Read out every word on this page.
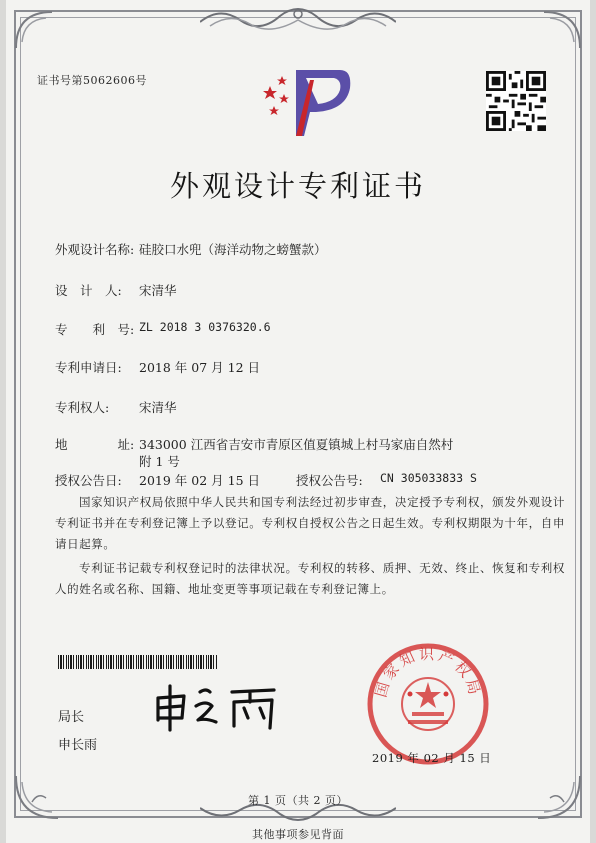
证书号第5062606号
外观设计专利证书
外观设计名称: 硅胶口水兜（海洋动物之螃蟹款）
设　计　人: 宋清华
专　　利　号: ZL 2018 3 0376320.6
专利申请日: 2018 年 07 月 12 日
专利权人: 宋清华
地　　　　址: 343000 江西省吉安市青原区值夏镇城上村马家庙自然村
附 1 号
授权公告日: 2019 年 02 月 15 日	授权公告号: CN 305033833 S
国家知识产权局依照中华人民共和国专利法经过初步审查，决定授予专利权，颁发外观设计专利证书并在专利登记簿上予以登记。专利权自授权公告之日起生效。专利权期限为十年，自申请日起算。
专利证书记载专利权登记时的法律状况。专利权的转移、质押、无效、终止、恢复和专利权人的姓名或名称、国籍、地址变更等事项记载在专利登记簿上。
局长
申长雨
国家知识产权局
2019 年 02 月 15 日
第 1 页（共 2 页）
其他事项参见背面
